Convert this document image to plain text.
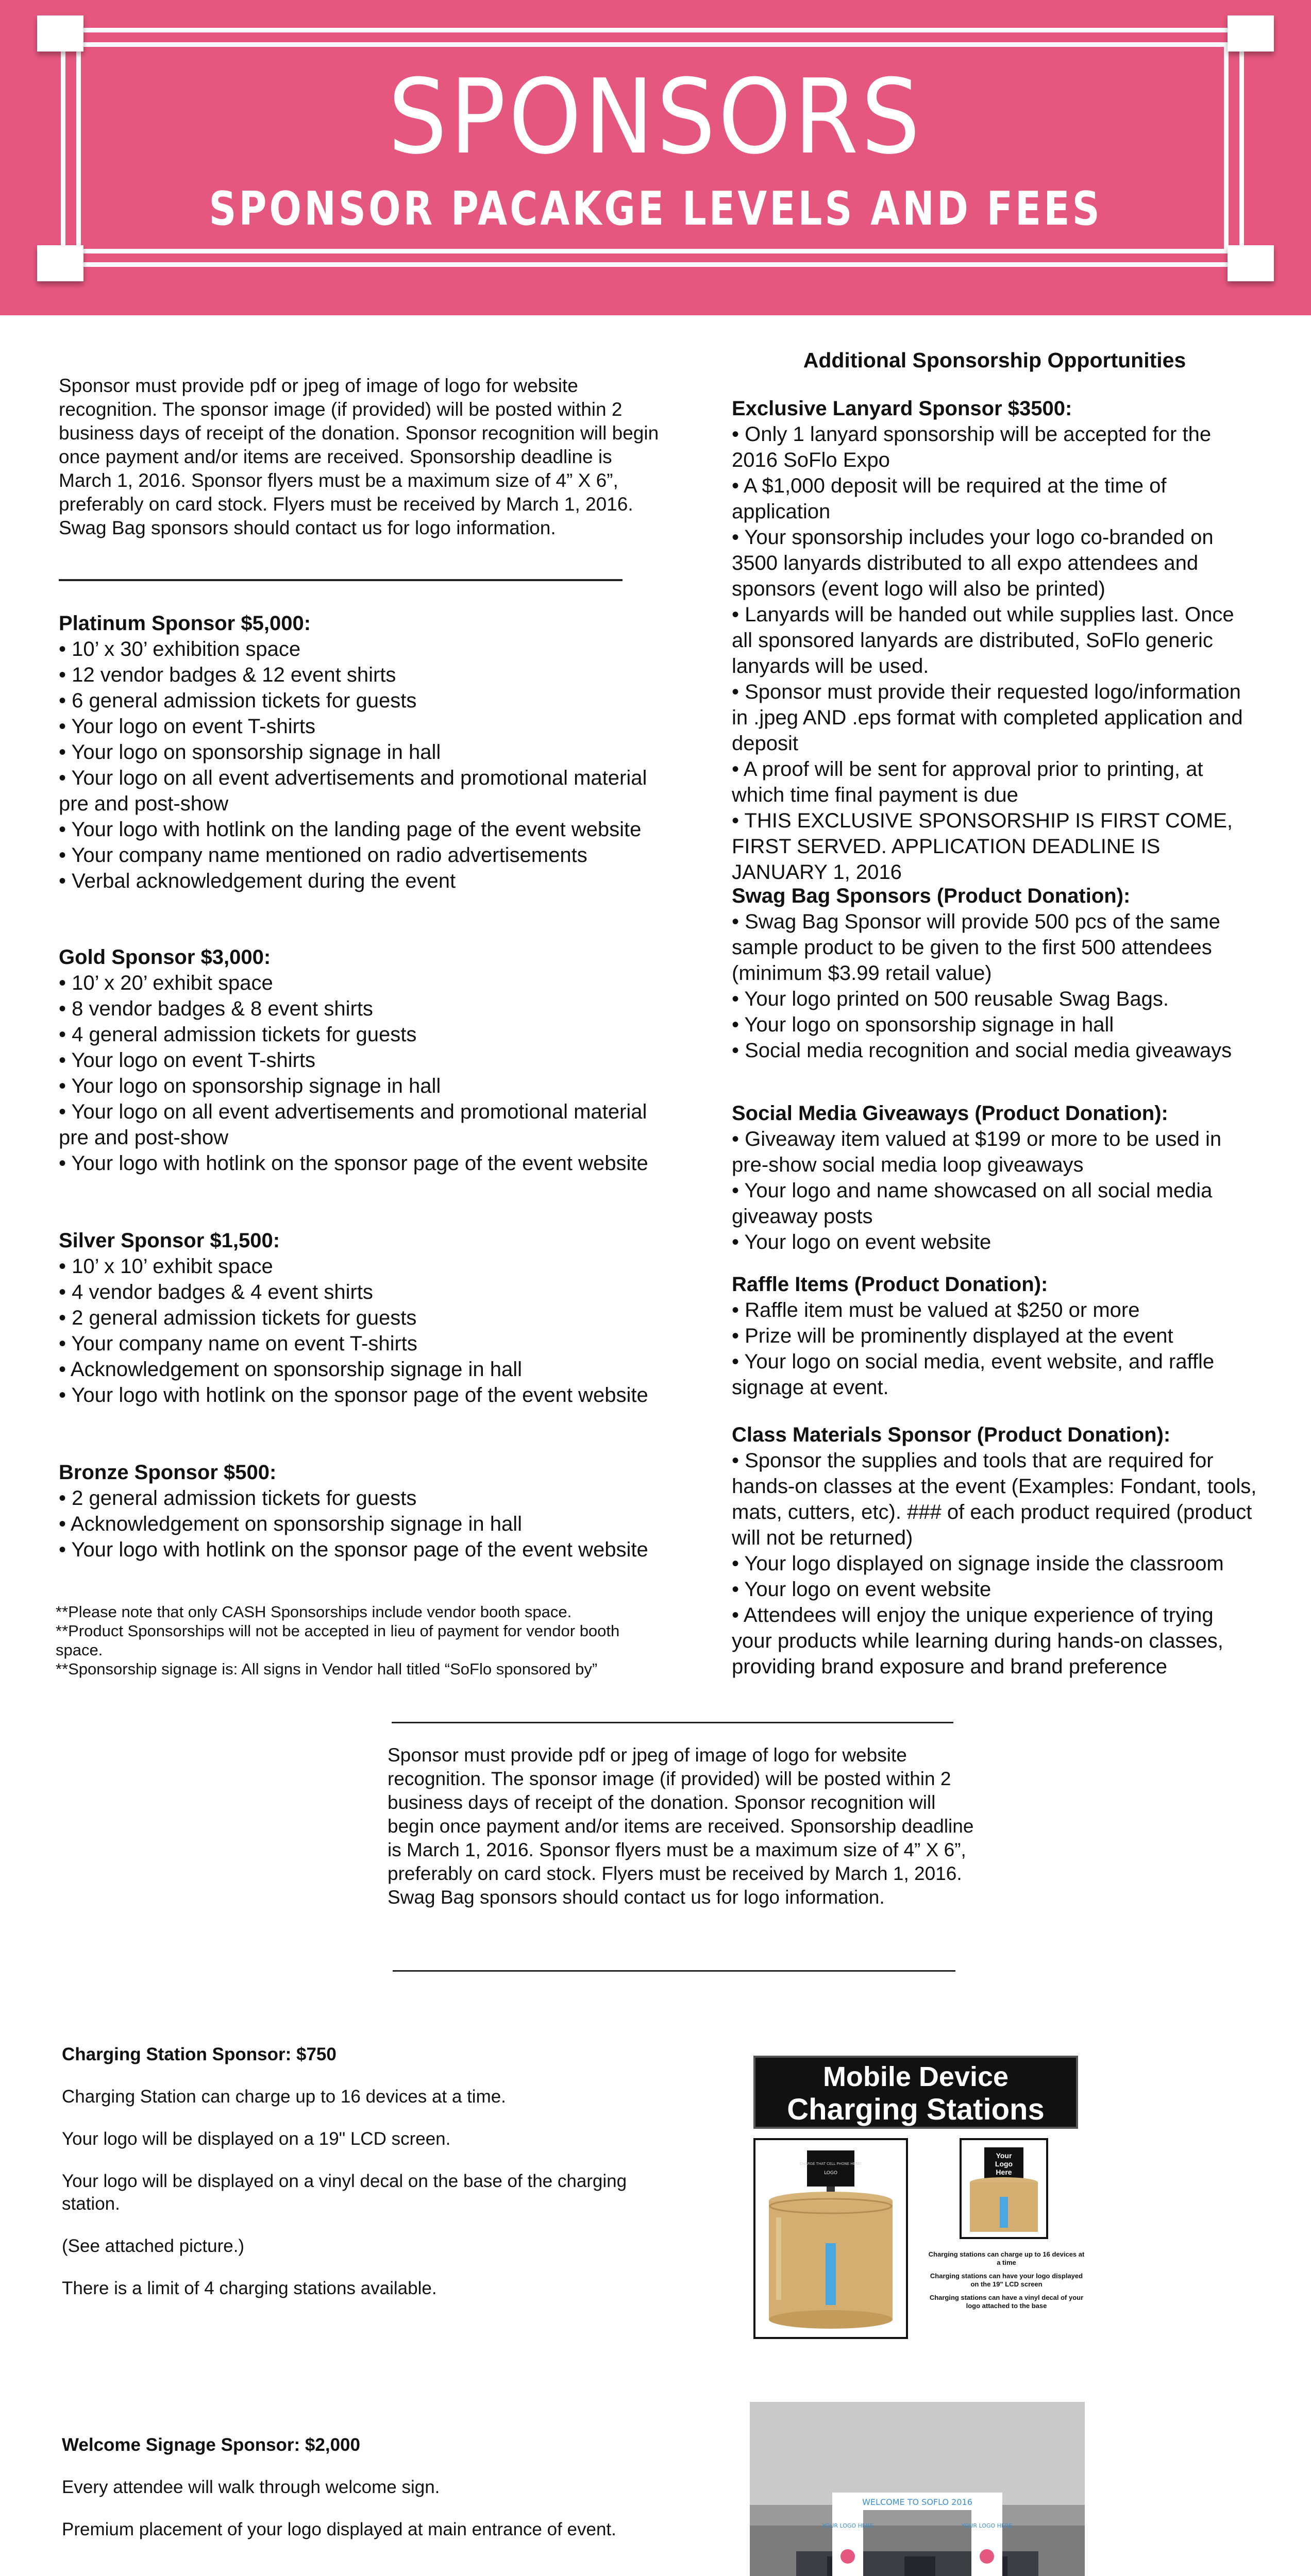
SPONSORS
SPONSOR PACAKGE LEVELS AND FEES

Sponsor must provide pdf or jpeg of image of logo for website recognition. The sponsor image (if provided) will be posted within 2 business days of receipt of the donation. Sponsor recognition will begin once payment and/or items are received. Sponsorship deadline is March 1, 2016. Sponsor flyers must be a maximum size of 4” X 6”, preferably on card stock. Flyers must be received by March 1, 2016. Swag Bag sponsors should contact us for logo information.

Platinum Sponsor $5,000:

• 10’ x 30’ exhibition space
• 12 vendor badges & 12 event shirts
• 6 general admission tickets for guests
• Your logo on event T-shirts
• Your logo on sponsorship signage in hall
• Your logo on all event advertisements and promotional material pre and post-show
• Your logo with hotlink on the landing page of the event website
• Your company name mentioned on radio advertisements
• Verbal acknowledgement during the event

Gold Sponsor $3,000:

• 10’ x 20’ exhibit space
• 8 vendor badges & 8 event shirts
• 4 general admission tickets for guests
• Your logo on event T-shirts
• Your logo on sponsorship signage in hall
• Your logo on all event advertisements and promotional material pre and post-show
• Your logo with hotlink on the sponsor page of the event website

Silver Sponsor $1,500:

• 10’ x 10’ exhibit space
• 4 vendor badges & 4 event shirts
• 2 general admission tickets for guests
• Your company name on event T-shirts
• Acknowledgement on sponsorship signage in hall
• Your logo with hotlink on the sponsor page of the event website

Bronze Sponsor $500:

• 2 general admission tickets for guests
• Acknowledgement on sponsorship signage in hall
• Your logo with hotlink on the sponsor page of the event website

**Please note that only CASH Sponsorships include vendor booth space.

**Product Sponsorships will not be accepted in lieu of payment for vendor booth space.

**Sponsorship signage is: All signs in Vendor hall titled “SoFlo sponsored by”

Additional Sponsorship Opportunities

Exclusive Lanyard Sponsor $3500:

• Only 1 lanyard sponsorship will be accepted for the 2016 SoFlo Expo
• A $1,000 deposit will be required at the time of application
• Your sponsorship includes your logo co-branded on 3500 lanyards distributed to all expo attendees and sponsors (event logo will also be printed)
• Lanyards will be handed out while supplies last. Once all sponsored lanyards are distributed, SoFlo generic lanyards will be used.
• Sponsor must provide their requested logo/information in .jpeg AND .eps format with completed application and deposit
• A proof will be sent for approval prior to printing, at which time final payment is due
• THIS EXCLUSIVE SPONSORSHIP IS FIRST COME, FIRST SERVED. APPLICATION DEADLINE IS JANUARY 1, 2016

Swag Bag Sponsors (Product Donation):

• Swag Bag Sponsor will provide 500 pcs of the same sample product to be given to the first 500 attendees (minimum $3.99 retail value)
• Your logo printed on 500 reusable Swag Bags.
• Your logo on sponsorship signage in hall
• Social media recognition and social media giveaways

Social Media Giveaways (Product Donation):

• Giveaway item valued at $199 or more to be used in pre-show social media loop giveaways
• Your logo and name showcased on all social media giveaway posts
• Your logo on event website

Raffle Items (Product Donation):

• Raffle item must be valued at $250 or more
• Prize will be prominently displayed at the event
• Your logo on social media, event website, and raffle signage at event.

Class Materials Sponsor (Product Donation):

• Sponsor the supplies and tools that are required for hands-on classes at the event (Examples: Fondant, tools, mats, cutters, etc). ### of each product required (product will not be returned)
• Your logo displayed on signage inside the classroom
• Your logo on event website
• Attendees will enjoy the unique experience of trying your products while learning during hands-on classes, providing brand exposure and brand preference

Sponsor must provide pdf or jpeg of image of logo for website recognition. The sponsor image (if provided) will be posted within 2 business days of receipt of the donation. Sponsor recognition will begin once payment and/or items are received. Sponsorship deadline is March 1, 2016. Sponsor flyers must be a maximum size of 4” X 6”, preferably on card stock. Flyers must be received by March 1, 2016. Swag Bag sponsors should contact us for logo information.

Charging Station Sponsor: $750

Charging Station can charge up to 16 devices at a time.

Your logo will be displayed on a 19" LCD screen.

Your logo will be displayed on a vinyl decal on the base of the charging station.

(See attached picture.)

There is a limit of 4 charging stations available.

Mobile Device
Charging Stations
CHARGE THAT CELL PHONE HERE!
LOGO
Your Logo Here

Charging stations can charge up to 16 devices at a time

Charging stations can have your logo displayed on the 19" LCD screen

Charging stations can have a vinyl decal of your logo attached to the base

Welcome Signage Sponsor: $2,000

Every attendee will walk through welcome sign.

Premium placement of your logo displayed at main entrance of event.

WELCOME TO SOFLO 2016
YOUR LOGO HERE	YOUR LOGO HERE
